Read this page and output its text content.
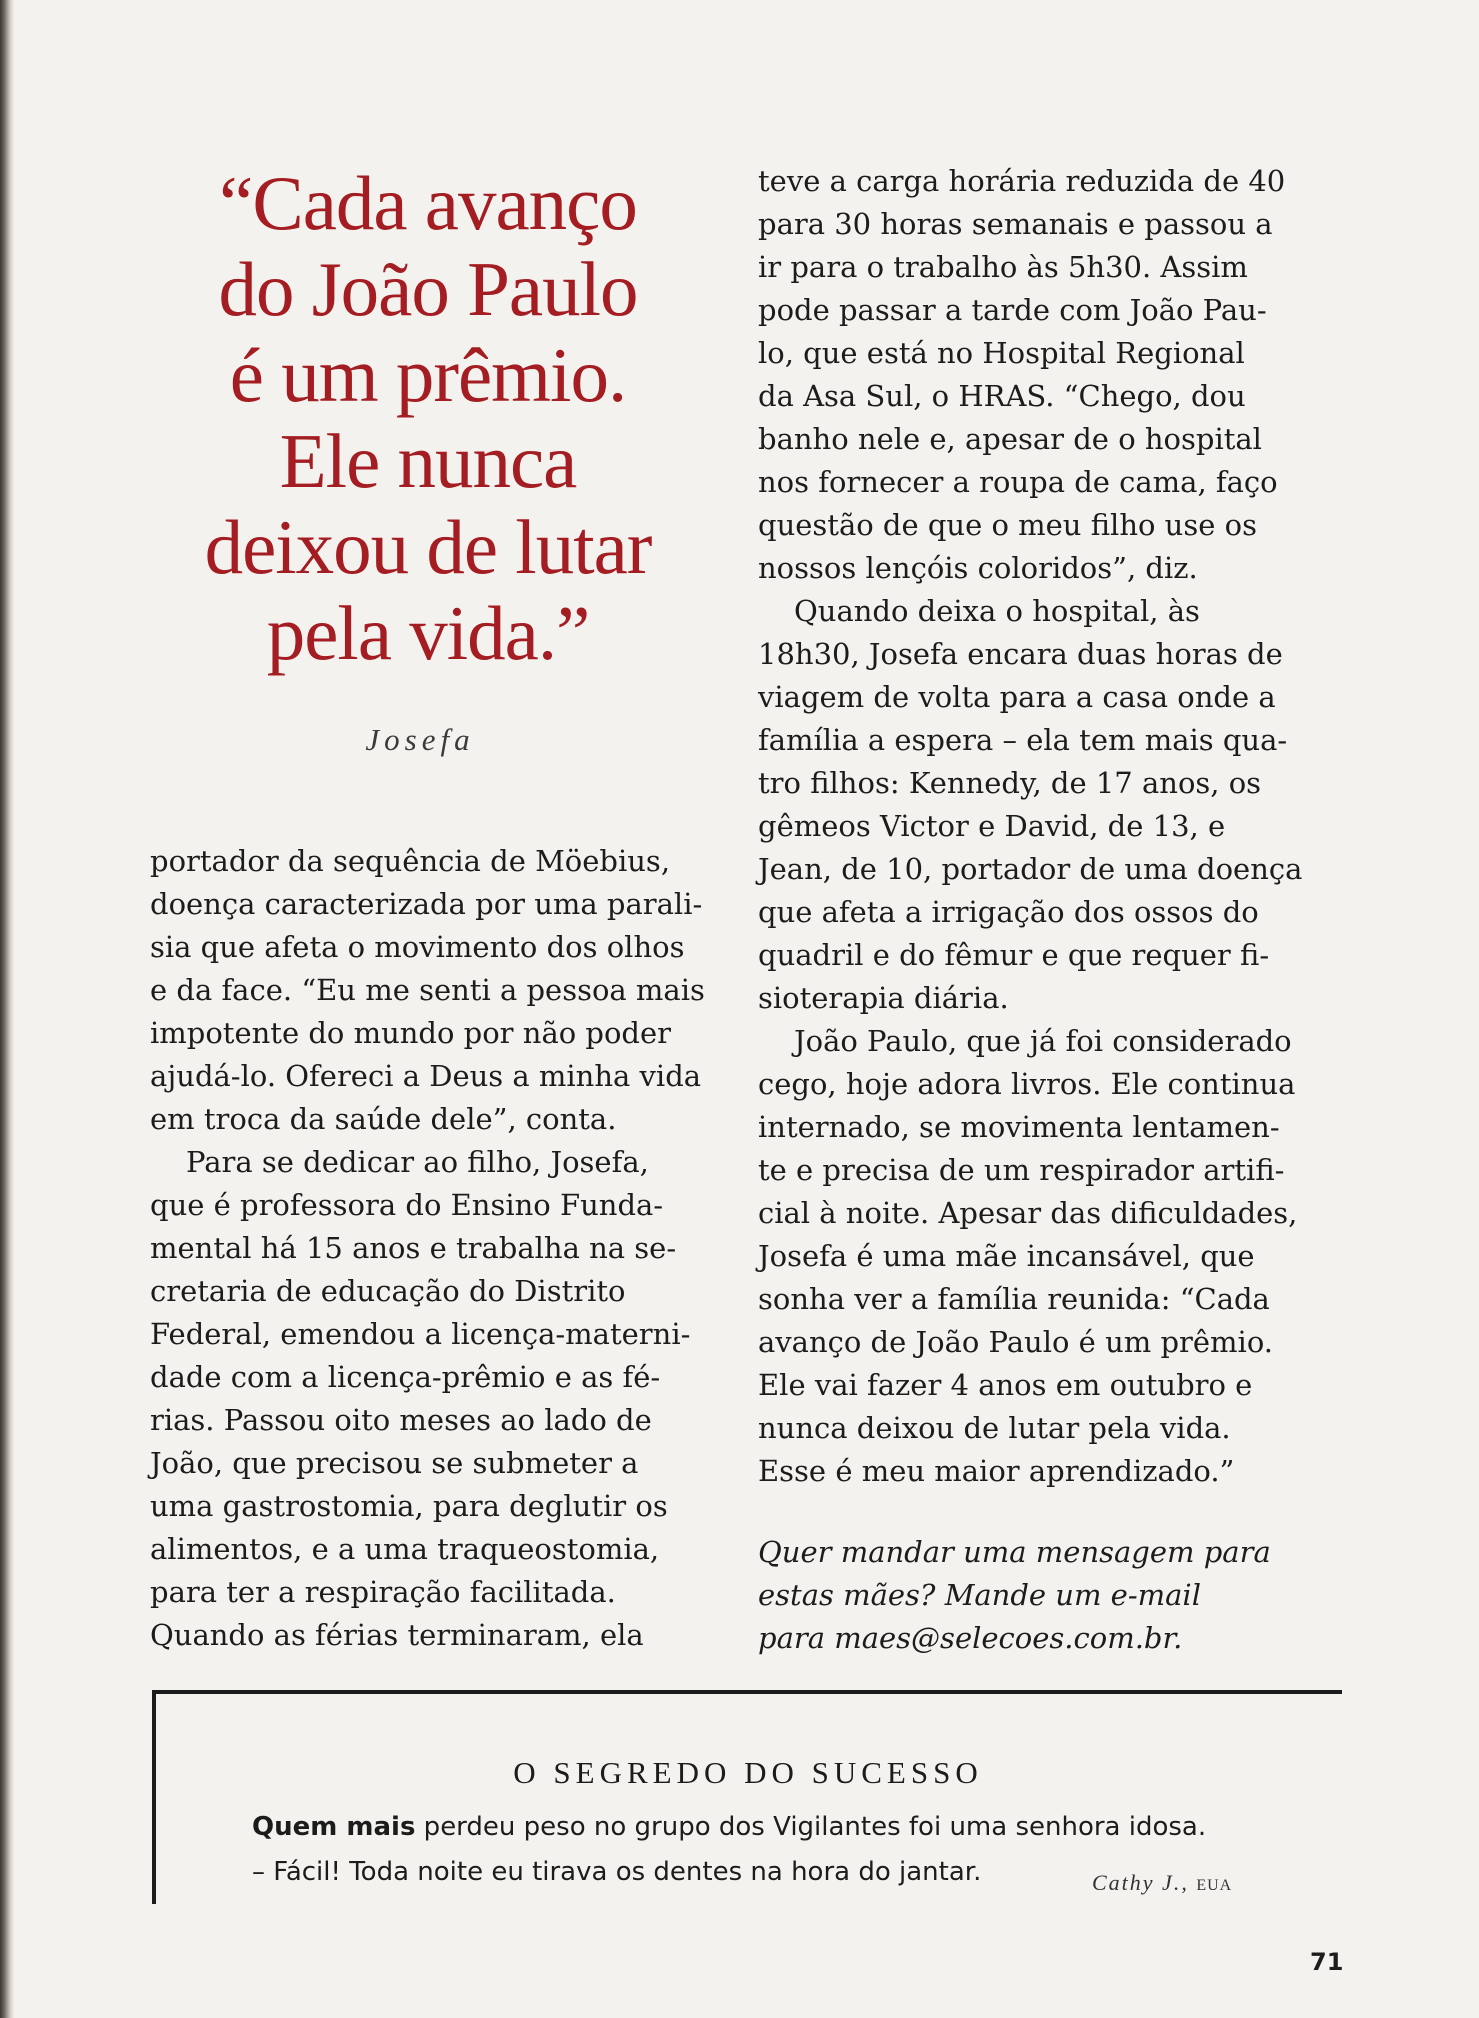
“Cada avanço
do João Paulo
é um prêmio.
Ele nunca
deixou de lutar
pela vida.”
Josefa
portador da sequência de Möebius,
doença caracterizada por uma parali-
sia que afeta o movimento dos olhos
e da face. “Eu me senti a pessoa mais
impotente do mundo por não poder
ajudá-lo. Ofereci a Deus a minha vida
em troca da saúde dele”, conta.
Para se dedicar ao filho, Josefa,
que é professora do Ensino Funda-
mental há 15 anos e trabalha na se-
cretaria de educação do Distrito
Federal, emendou a licença-materni-
dade com a licença-prêmio e as fé-
rias. Passou oito meses ao lado de
João, que precisou se submeter a
uma gastrostomia, para deglutir os
alimentos, e a uma traqueostomia,
para ter a respiração facilitada.
Quando as férias terminaram, ela
teve a carga horária reduzida de 40
para 30 horas semanais e passou a
ir para o trabalho às 5h30. Assim
pode passar a tarde com João Pau-
lo, que está no Hospital Regional
da Asa Sul, o HRAS. “Chego, dou
banho nele e, apesar de o hospital
nos fornecer a roupa de cama, faço
questão de que o meu filho use os
nossos lençóis coloridos”, diz.
Quando deixa o hospital, às
18h30, Josefa encara duas horas de
viagem de volta para a casa onde a
família a espera – ela tem mais qua-
tro filhos: Kennedy, de 17 anos, os
gêmeos Victor e David, de 13, e
Jean, de 10, portador de uma doença
que afeta a irrigação dos ossos do
quadril e do fêmur e que requer fi-
sioterapia diária.
João Paulo, que já foi considerado
cego, hoje adora livros. Ele continua
internado, se movimenta lentamen-
te e precisa de um respirador artifi-
cial à noite. Apesar das dificuldades,
Josefa é uma mãe incansável, que
sonha ver a família reunida: “Cada
avanço de João Paulo é um prêmio.
Ele vai fazer 4 anos em outubro e
nunca deixou de lutar pela vida.
Esse é meu maior aprendizado.”
Quer mandar uma mensagem para
estas mães? Mande um e-mail
para maes@selecoes.com.br.
O SEGREDO DO SUCESSO
Quem mais perdeu peso no grupo dos Vigilantes foi uma senhora idosa.
– Fácil! Toda noite eu tirava os dentes na hora do jantar.	Cathy J., EUA
71
